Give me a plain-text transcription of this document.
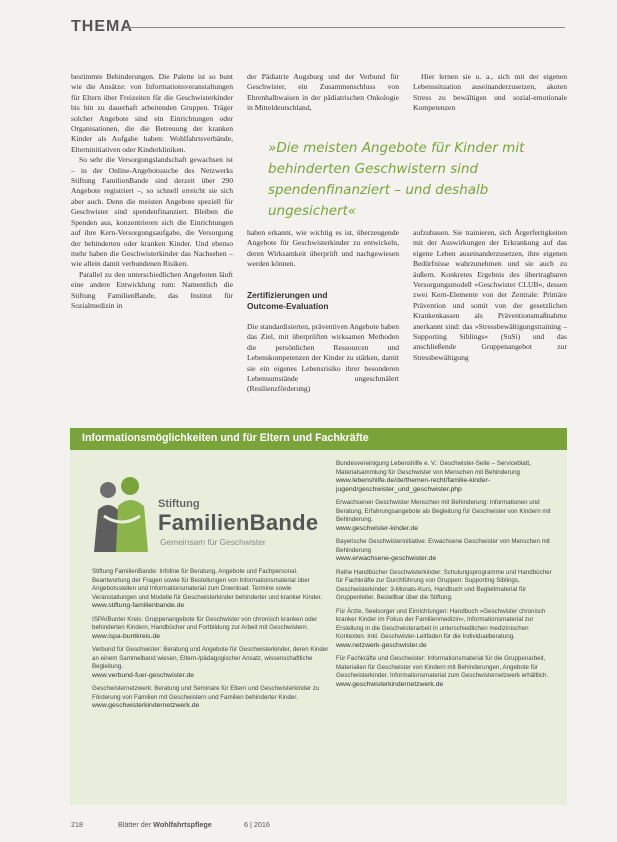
THEMA

bestimmte Behinderungen. Die Palette ist so bunt wie die Ansätze: von Informationsveranstaltungen für Eltern über Freizeiten für die Geschwisterkinder bis hin zu dauerhaft arbeitenden Gruppen. Träger solcher Angebote sind ein Einrichtungen oder Organisationen, die die Betreuung der kranken Kinder als Aufgabe haben: Wohlfahrtsverbände, Elterninitiativen oder Kinderkliniken.

So sehr die Versorgungslandschaft gewachsen ist – in der Online-Angebotssuche des Netzwerks Stiftung FamilienBande sind derzeit über 290 Angebote registriert –, so schnell erreicht sie sich aber auch. Denn die meisten Angebote speziell für Geschwister sind spendenfinanziert. Bleiben die Spenden aus, konzentrieren sich die Einrichtungen auf ihre Kern-Versorgungsaufgabe, die Versorgung der behinderten oder kranken Kinder. Und ebenso mehr haben die Geschwisterkinder das Nachsehen – wie allein damit verbundenen Risiken.

Parallel zu den unterschiedlichen Angeboten läuft eine andere Entwicklung rum: Namentlich die Stiftung FamilienBande, das Institut für Sozialmedizin in

der Pädiatrie Augsburg und der Verbund für Geschwister, ein Zusammenschluss von Ehrenhalbwaisen in der pädiatrischen Onkologie in Mitteldeutschland,

Hier lernen sie u. a., sich mit der eigenen Lebenssituation auseinanderzusetzen, akuten Stress zu bewältigen und sozial-emotionale Kompetenzen

»Die meisten Angebote für Kinder mit
behinderten Geschwistern sind
spendenfinanziert – und deshalb ungesichert«

haben erkannt, wie wichtig es ist, überzeugende Angebote für Geschwisterkinder zu entwickeln, deren Wirksamkeit überprüft und nachgewiesen werden können.

Zertifizierungen und Outcome-Evaluation

Die standardisierten, präventiven Angebote haben das Ziel, mit überprüften wirksamen Methoden die persönlichen Ressourcen und Lebenskompetenzen der Kinder zu stärken, damit sie ein eigenes Lebensrisiko ihrer besonderen Lebensumstände ungeschmälert (Resilienzförderung)

aufzubauen. Sie trainieren, sich Ärgerfertigkeiten mit der Auswirkungen der Erkrankung auf das eigene Leben auseinanderzusetzen, ihre eigenen Bedürfnisse wahrzunehmen und sie auch zu äußern. Konkretes Ergebnis des übertragbaren Versorgungsmodell »Geschwister CLUB«, dessen zwei Kern-Elemente von der Zentrale: Primäre Prävention und somit von der gesetzlichen Krankenkassen als Präventionsmaßnahme anerkannt sind: das »Stressbewältigungstraining – Supporting Siblings« (SuSi) und das anschließende Gruppenangebot zur Stressbewältigung

Informationsmöglichkeiten und für Eltern und Fachkräfte
Stiftung
FamilienBande
Gemeinsam für Geschwister
Stiftung FamilienBande: Infoline für Beratung, Angebote und Fachpersonal. Beantwortung der Fragen sowie für Bestellungen von Informationsmaterial über Angebotsstellen und Informationsmaterial zum Download. Termine sowie Veranstaltungen und Modelle für Geschwisterkinder behinderter und kranker Kinder.
www.stiftung-familienbande.de
ISPA/Bunter Kreis: Gruppenangebote für Geschwister von chronisch kranken oder behinderten Kindern, Handbücher und Fortbildung zur Arbeit mit Geschwistern.
www.ispa-buntkreis.de
Verbund für Geschwister: Beratung und Angebote für Geschwisterkinder, deren Kinder an einem Sammelband wiesen, Eltern-/pädagogischer Ansatz, wissenschaftliche Begleitung.
www.verbund-fuer-geschwister.de
Geschwisternetzwerk: Beratung und Seminare für Eltern und Geschwisterkinder zu Förderung von Familien mit Geschwistern und Familien behinderter Kinder.
www.geschwisterkindernetzwerk.de
Bundesvereinigung Lebenshilfe e. V.: Geschwister-Seite – Serviceblatt, Materialsammlung für Geschwister von Menschen mit Behinderung
www.lebenshilfe.de/de/themen-recht/familie-kinder-jugend/geschwister_und_geschwister.php
Erwachsenen Geschwister Menschen mit Behinderung: Informationen und Beratung, Erfahrungsangebote als Begleitung für Geschwister von Kindern mit Behinderung.
www.geschwister-kinder.de
Bayerische Geschwisterinitiative: Erwachsene Geschwister von Menschen mit Behinderung
www.erwachsene-geschwister.de
Reihe Handbücher Geschwisterkinder: Schulungsprogramme und Handbücher für Fachkräfte zur Durchführung von Gruppen: Supporting Siblings, Geschwisterkinder: 3-Monats-Kurs, Handbuch und Begleitmaterial für Gruppenleiter. Bestellbar über die Stiftung.
Für Ärzte, Seelsorger und Einrichtungen: Handbuch »Geschwister chronisch kranker Kinder im Fokus der Familienmedizin«, Informationsmaterial zur Erstellung in die Geschwisterarbeit in unterschiedlichen medizinischen Kontexten. Inkl. Geschwister-Leitfaden für die Individualberatung.
www.netzwerk-geschwister.de
Für Fachkräfte und Geschwister: Informationsmaterial für die Gruppenarbeit, Materialien für Geschwister von Kindern mit Behinderungen, Angebote für Geschwisterkinder. Informationsmaterial zum Geschwisternetzwerk erhältlich.
www.geschwisterkindernetzwerk.de
218	Blätter der Wohlfahrtspflege	6 | 2016
